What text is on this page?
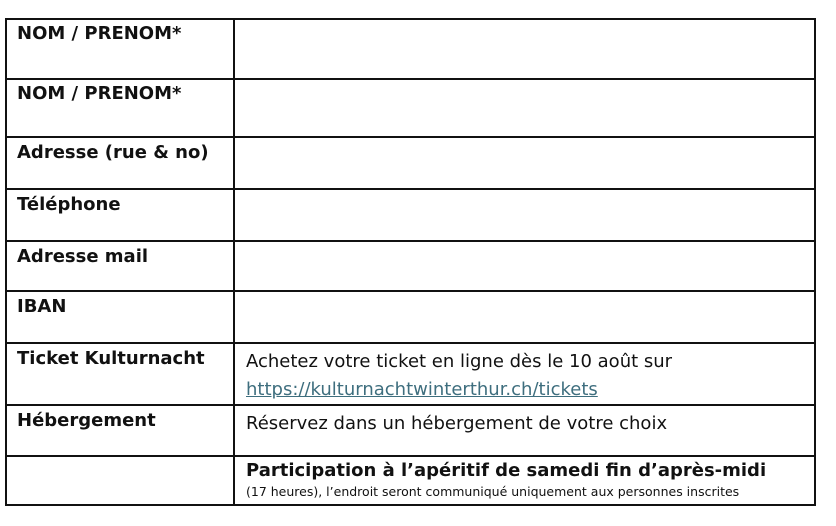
NOM / PRENOM*	
NOM / PRENOM*	
Adresse (rue & no)	
Téléphone	
Adresse mail	
IBAN	
Ticket Kulturnacht	Achetez votre ticket en ligne dès le 10 août sur
https://kulturnachtwinterthur.ch/tickets

Hébergement	Réservez dans un hébergement de votre choix

	Participation à l’apéritif de samedi fin d’après-midi
(17 heures), l’endroit seront communiqué uniquement aux personnes inscrites
